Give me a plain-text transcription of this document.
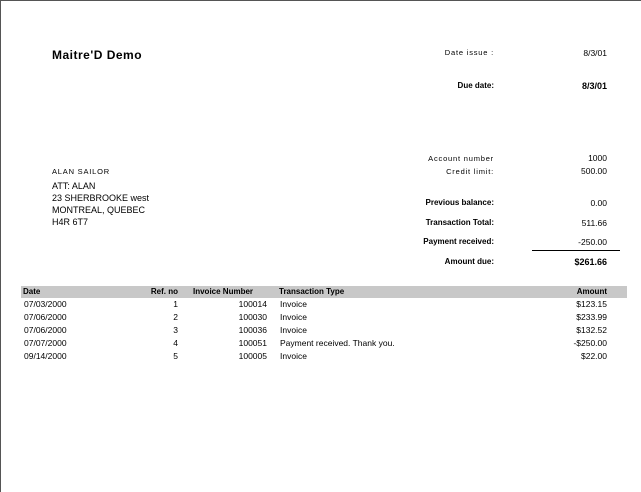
Maitre'D Demo	Date issue :	8/3/01
Due date:	8/3/01
Account number	1000
Credit limit:	500.00
ALAN SAILOR
ATT: ALAN
23 SHERBROOKE west
MONTREAL, QUEBEC
H4R 6T7
Previous balance:	0.00
Transaction Total:	511.66
Payment received:	-250.00
Amount due:	$261.66
Date	Ref. no Invoice Number	Transaction Type	Amount
07/03/2000	1	100014 Invoice	$123.15
07/06/2000	2	100030 Invoice	$233.99
07/06/2000	3	100036 Invoice	$132.52
07/07/2000	4	100051 Payment received. Thank you.	-$250.00
09/14/2000	5	100005 Invoice	$22.00
